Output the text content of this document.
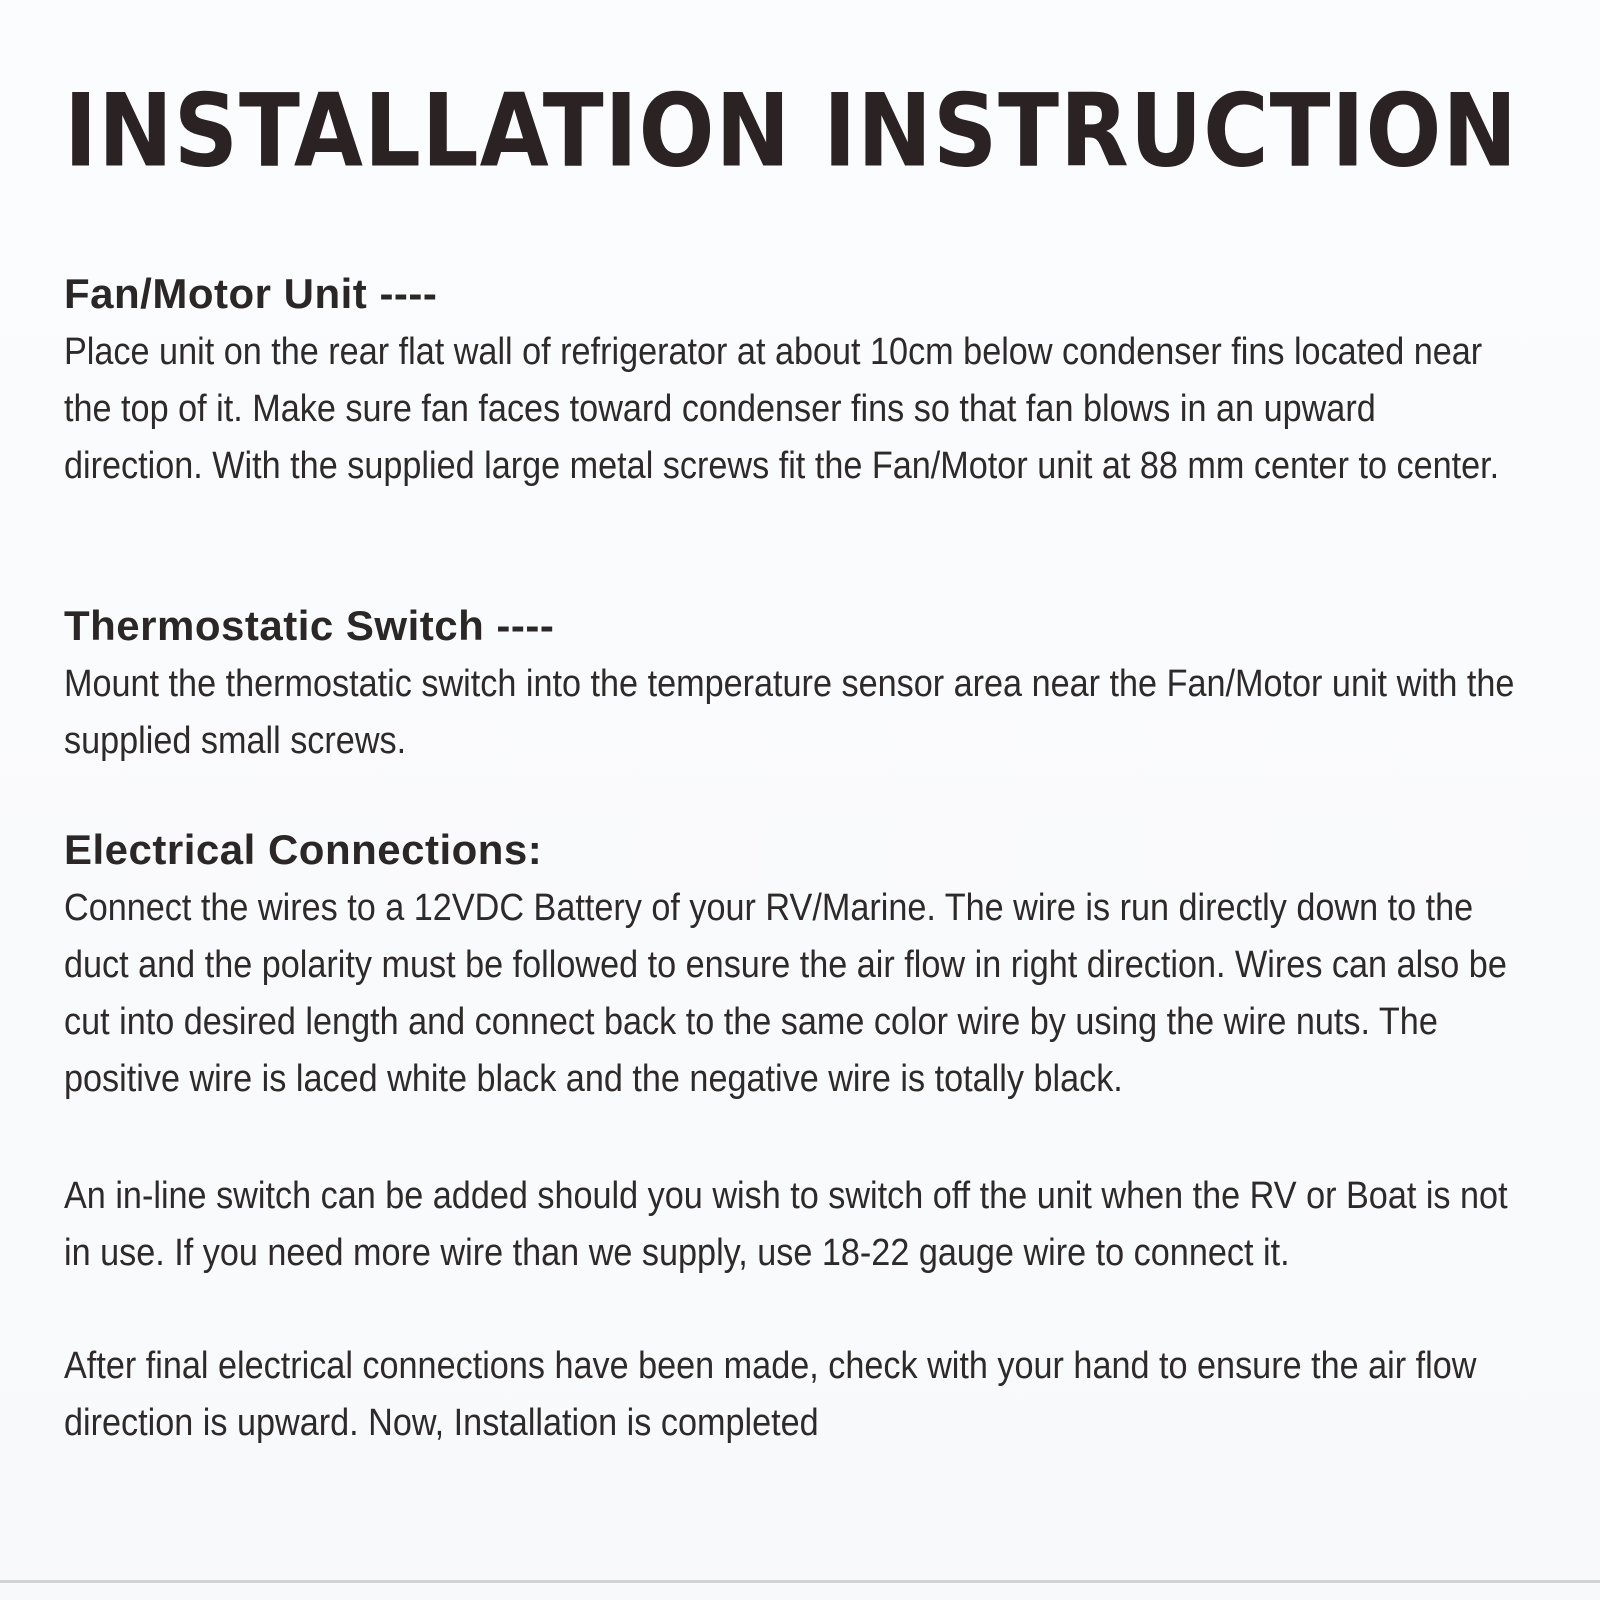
INSTALLATION INSTRUCTION
Fan/Motor Unit ----

Place unit on the rear flat wall of refrigerator at about 10cm below condenser fins located near the top of it. Make sure fan faces toward condenser fins so that fan blows in an upward direction. With the supplied large metal screws fit the Fan/Motor unit at 88 mm center to center.

Thermostatic Switch ----

Mount the thermostatic switch into the temperature sensor area near the Fan/Motor unit with the supplied small screws.

Electrical Connections:

Connect the wires to a 12VDC Battery of your RV/Marine. The wire is run directly down to the duct and the polarity must be followed to ensure the air flow in right direction. Wires can also be cut into desired length and connect back to the same color wire by using the wire nuts. The positive wire is laced white black and the negative wire is totally black.

An in-line switch can be added should you wish to switch off the unit when the RV or Boat is not in use. If you need more wire than we supply, use 18-22 gauge wire to connect it.

After final electrical connections have been made, check with your hand to ensure the air flow direction is upward. Now, Installation is completed
